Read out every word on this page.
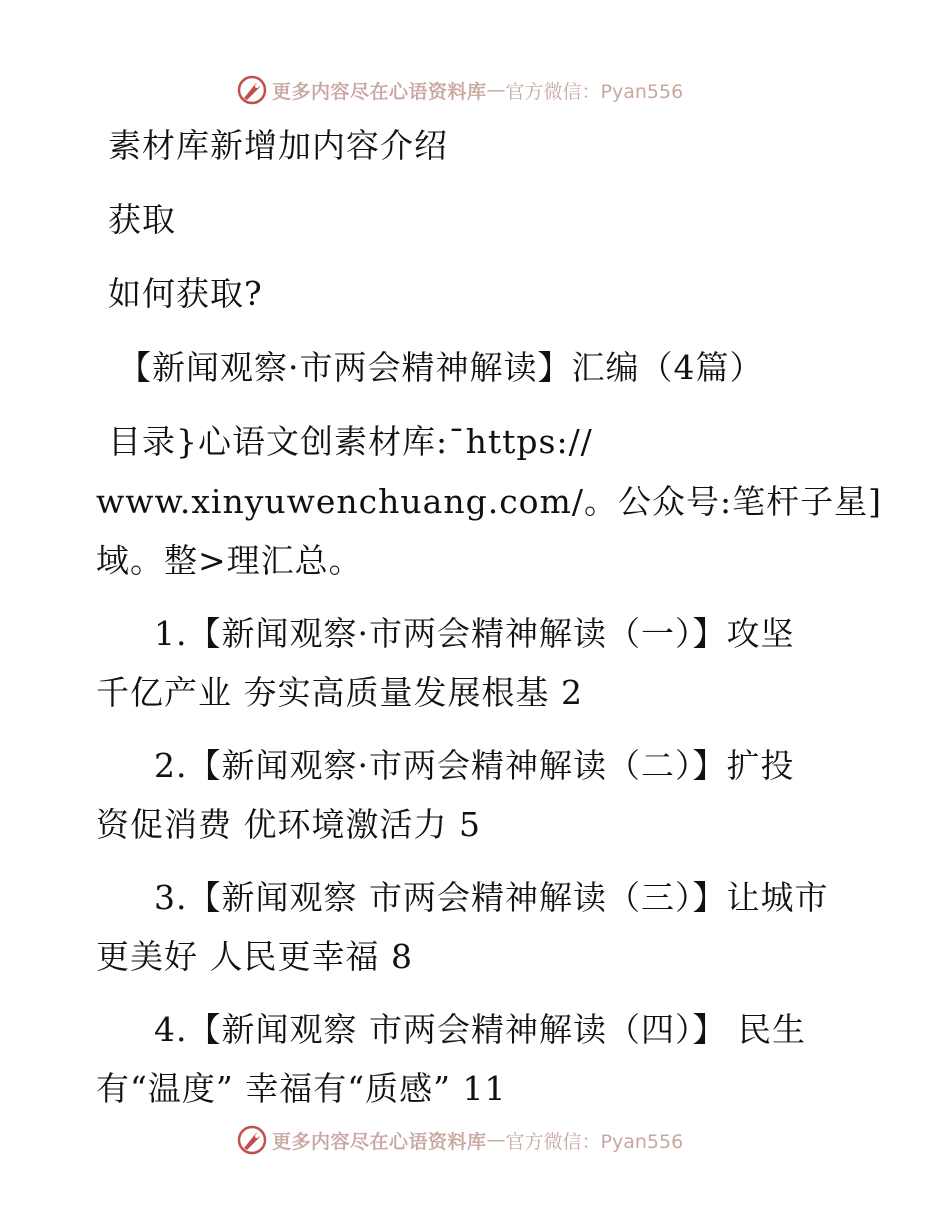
更多内容尽在心语资料库 — 官方微信：Pyan556
素材库新增加内容介绍
获取
如何获取?
【新闻观察·市两会精神解读】汇编（4篇）
目录}心语文创素材库:¯https://
www.xinyuwenchuang.com/。公众号:笔杆子星]
域。整>理汇总。
1.【新闻观察·市两会精神解读（一）】攻坚
千亿产业 夯实高质量发展根基 2
2.【新闻观察·市两会精神解读（二）】扩投
资促消费 优环境激活力 5
3.【新闻观察 市两会精神解读（三）】让城市
更美好 人民更幸福 8
4.【新闻观察 市两会精神解读（四）】 民生
有“温度” 幸福有“质感” 11
更多内容尽在心语资料库 — 官方微信：Pyan556
